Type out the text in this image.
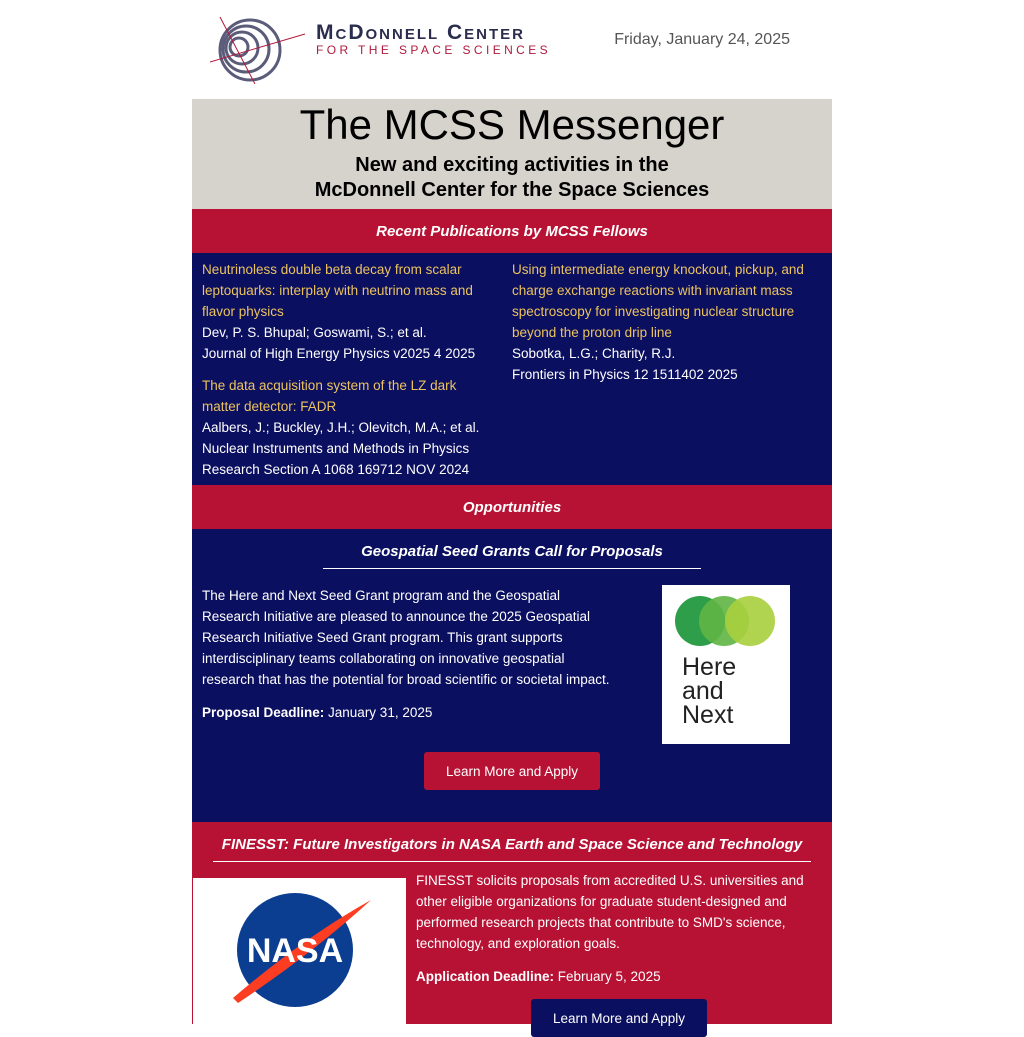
McDonnell Center
FOR THE SPACE SCIENCES
Friday, January 24, 2025
The MCSS Messenger
New and exciting activities in the
McDonnell Center for the Space Sciences
Recent Publications by MCSS Fellows
Neutrinoless double beta decay from scalar leptoquarks: interplay with neutrino mass and flavor physics
Dev, P. S. Bhupal; Goswami, S.; et al.
Journal of High Energy Physics v2025 4 2025
The data acquisition system of the LZ dark matter detector: FADR
Aalbers, J.; Buckley, J.H.; Olevitch, M.A.; et al.
Nuclear Instruments and Methods in Physics Research Section A 1068 169712 NOV 2024
Using intermediate energy knockout, pickup, and charge exchange reactions with invariant mass spectroscopy for investigating nuclear structure beyond the proton drip line
Sobotka, L.G.; Charity, R.J.
Frontiers in Physics 12 1511402 2025
Opportunities
Geospatial Seed Grants Call for Proposals

The Here and Next Seed Grant program and the Geospatial Research Initiative are pleased to announce the 2025 Geospatial Research Initiative Seed Grant program. This grant supports interdisciplinary teams collaborating on innovative geospatial research that has the potential for broad scientific or societal impact.

Proposal Deadline: January 31, 2025

Here
and
Next
Learn More and Apply
FINESST: Future Investigators in NASA Earth and Space Science and Technology
NASA

FINESST solicits proposals from accredited U.S. universities and other eligible organizations for graduate student-designed and performed research projects that contribute to SMD's science, technology, and exploration goals.

Application Deadline: February 5, 2025

Learn More and Apply
